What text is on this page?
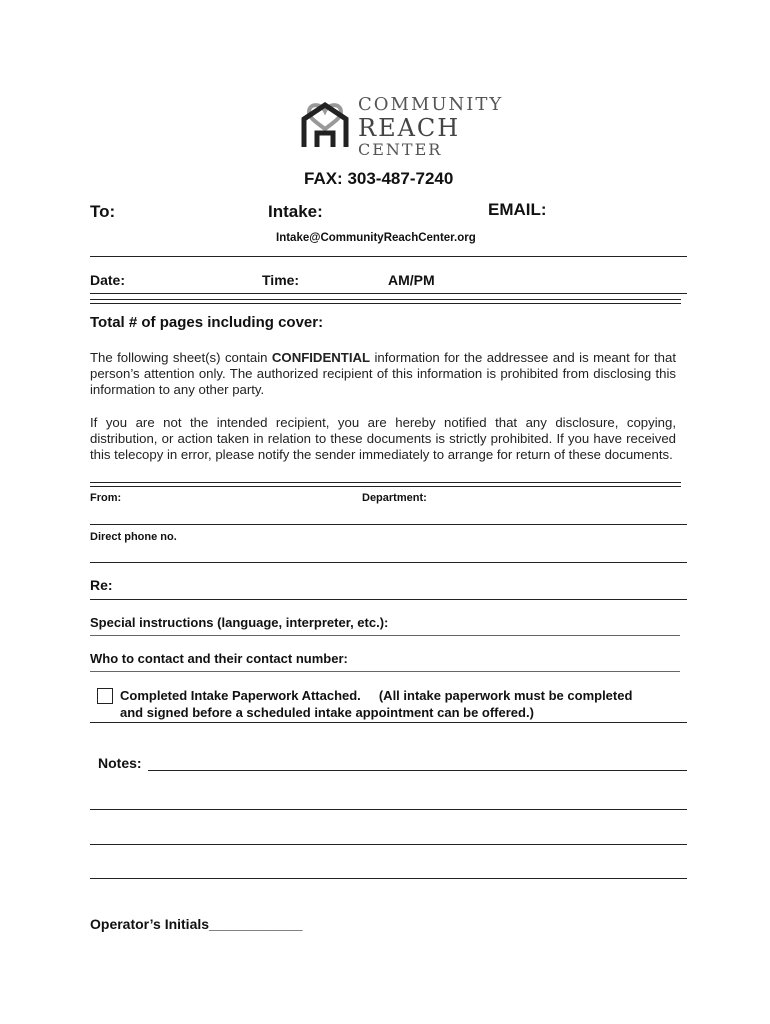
COMMUNITY
REACH
CENTER
FAX: 303-487-7240
To:	Intake:	EMAIL:
Intake@CommunityReachCenter.org
Date:	Time:	AM/PM
Total # of pages including cover:
The following sheet(s) contain CONFIDENTIAL information for the addressee and is meant for that person’s attention only. The authorized recipient of this information is prohibited from disclosing this information to any other party.
If you are not the intended recipient, you are hereby notified that any disclosure, copying, distribution, or action taken in relation to these documents is strictly prohibited. If you have received this telecopy in error, please notify the sender immediately to arrange for return of these documents.
From:	Department:
Direct phone no.
Re:
Special instructions (language, interpreter, etc.):
Who to contact and their contact number:
Completed Intake Paperwork Attached.     (All intake paperwork must be completed
and signed before a scheduled intake appointment can be offered.)
Notes:
Operator’s Initials____________
